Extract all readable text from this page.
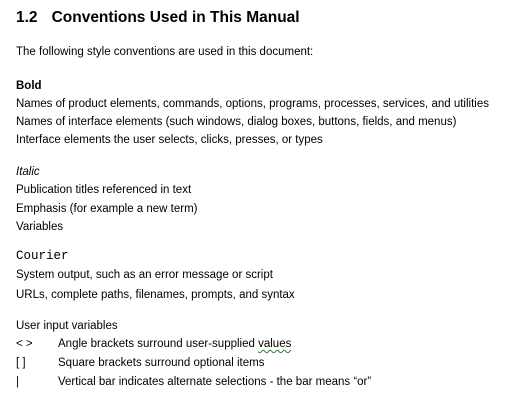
1.2 Conventions Used in This Manual
The following style conventions are used in this document:
Bold
Names of product elements, commands, options, programs, processes, services, and utilities
Names of interface elements (such windows, dialog boxes, buttons, fields, and menus)
Interface elements the user selects, clicks, presses, or types
Italic
Publication titles referenced in text
Emphasis (for example a new term)
Variables
Courier
System output, such as an error message or script
URLs, complete paths, filenames, prompts, and syntax
User input variables
< > Angle brackets surround user-supplied values
[ ]	Square brackets surround optional items
|	Vertical bar indicates alternate selections - the bar means “or”
